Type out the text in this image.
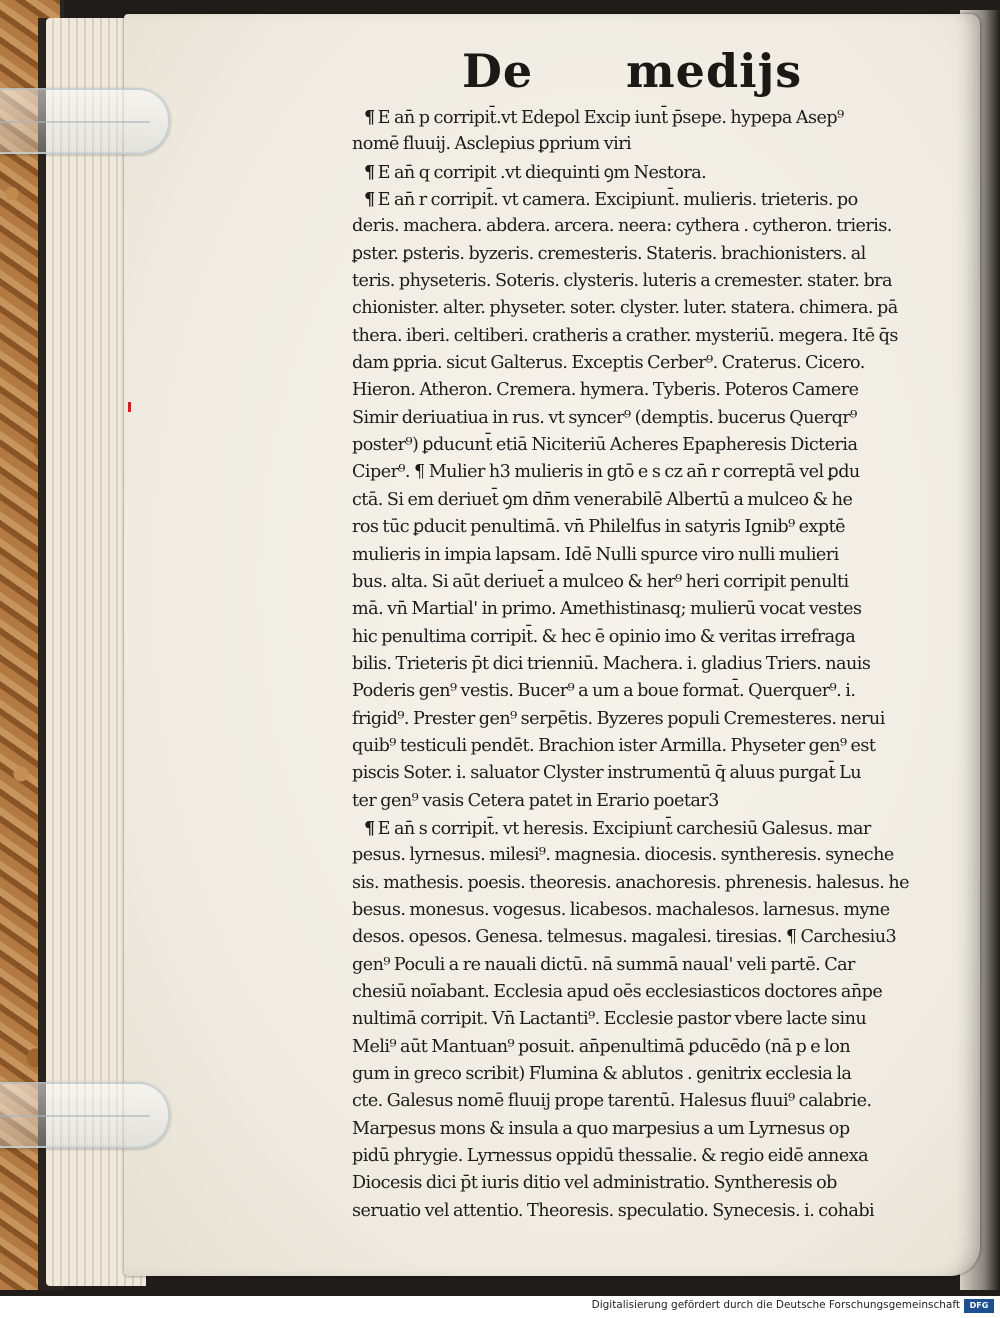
De medijs
¶ E an̄ p corripit̄.vt Edepol Excip iunt̄ p̄sepe. hypepa Asep⁹
nomē fluuij. Asclepius ꝑprium viri
¶ E an̄ q corripit .vt diequinti ꝯm Nestora.
¶ E an̄ r corripit̄. vt camera. Excipiunt̄. mulieris. trieteris. po
deris. machera. abdera. arcera. neera: cythera . cytheron. trieris.
ꝑster. ꝑsteris. byzeris. cremesteris. Stateris. brachionisters. al
teris. physeteris. Soteris. clysteris. luteris a cremester. stater. bra
chionister. alter. physeter. soter. clyster. luter. statera. chimera. pā
thera. iberi. celtiberi. cratheris a crather. mysteriū. megera. Itē q̄s
dam ꝑpria. sicut Galterus. Exceptis Cerber⁹. Craterus. Cicero.
Hieron. Atheron. Cremera. hymera. Tyberis. Poteros Camere
Simir deriuatiua in rus. vt syncer⁹ (demptis. bucerus Querqr⁹
poster⁹) ꝑducunt̄ etiā Niciteriū Acheres Epapheresis Dicteria
Ciper⁹. ¶ Mulier h3 mulieris in gtō e s cz an̄ r correptā vel ꝑdu
ctā. Si em deriuet̄ ꝯm dn̄m venerabilē Albertū a mulceo & he
ros tūc ꝑducit penultimā. vn̄ Philelfus in satyris Ignib⁹ exptē
mulieris in impia lapsam. Idē Nulli spurce viro nulli mulieri
bus. alta. Si aūt deriuet̄ a mulceo & her⁹ heri corripit penulti
mā. vn̄ Martial' in primo. Amethistinasq; mulierū vocat vestes
hic penultima corripit̄. & hec ē opinio imo & veritas irrefraga
bilis. Trieteris p̄t dici trienniū. Machera. i. gladius Triers. nauis
Poderis gen⁹ vestis. Bucer⁹ a um a boue format̄. Querquer⁹. i.
frigid⁹. Prester gen⁹ serpētis. Byzeres populi Cremesteres. nerui
quib⁹ testiculi pendēt. Brachion ister Armilla. Physeter gen⁹ est
piscis Soter. i. saluator Clyster instrumentū q̄ aluus purgat̄ Lu
ter gen⁹ vasis Cetera patet in Erario poetar3
¶ E an̄ s corripit̄. vt heresis. Excipiunt̄ carchesiū Galesus. mar
pesus. lyrnesus. milesi⁹. magnesia. diocesis. syntheresis. syneche
sis. mathesis. poesis. theoresis. anachoresis. phrenesis. halesus. he
besus. monesus. vogesus. licabesos. machalesos. larnesus. myne
desos. opesos. Genesa. telmesus. magalesi. tiresias. ¶ Carchesiu3
gen⁹ Poculi a re nauali dictū. nā summā naual' veli partē. Car
chesiū noīabant. Ecclesia apud oēs ecclesiasticos doctores an̄pe
nultimā corripit. Vn̄ Lactanti⁹. Ecclesie pastor vbere lacte sinu
Meli⁹ aūt Mantuan⁹ posuit. an̄penultimā ꝑducēdo (nā p e lon
gum in greco scribit) Flumina & ablutos . genitrix ecclesia la
cte. Galesus nomē fluuij prope tarentū. Halesus fluui⁹ calabrie.
Marpesus mons & insula a quo marpesius a um Lyrnesus op
pidū phrygie. Lyrnessus oppidū thessalie. & regio eidē annexa
Diocesis dici p̄t iuris ditio vel administratio. Syntheresis ob
seruatio vel attentio. Theoresis. speculatio. Synecesis. i. cohabi
Digitalisierung gefördert durch die Deutsche Forschungsgemeinschaft	DFG
